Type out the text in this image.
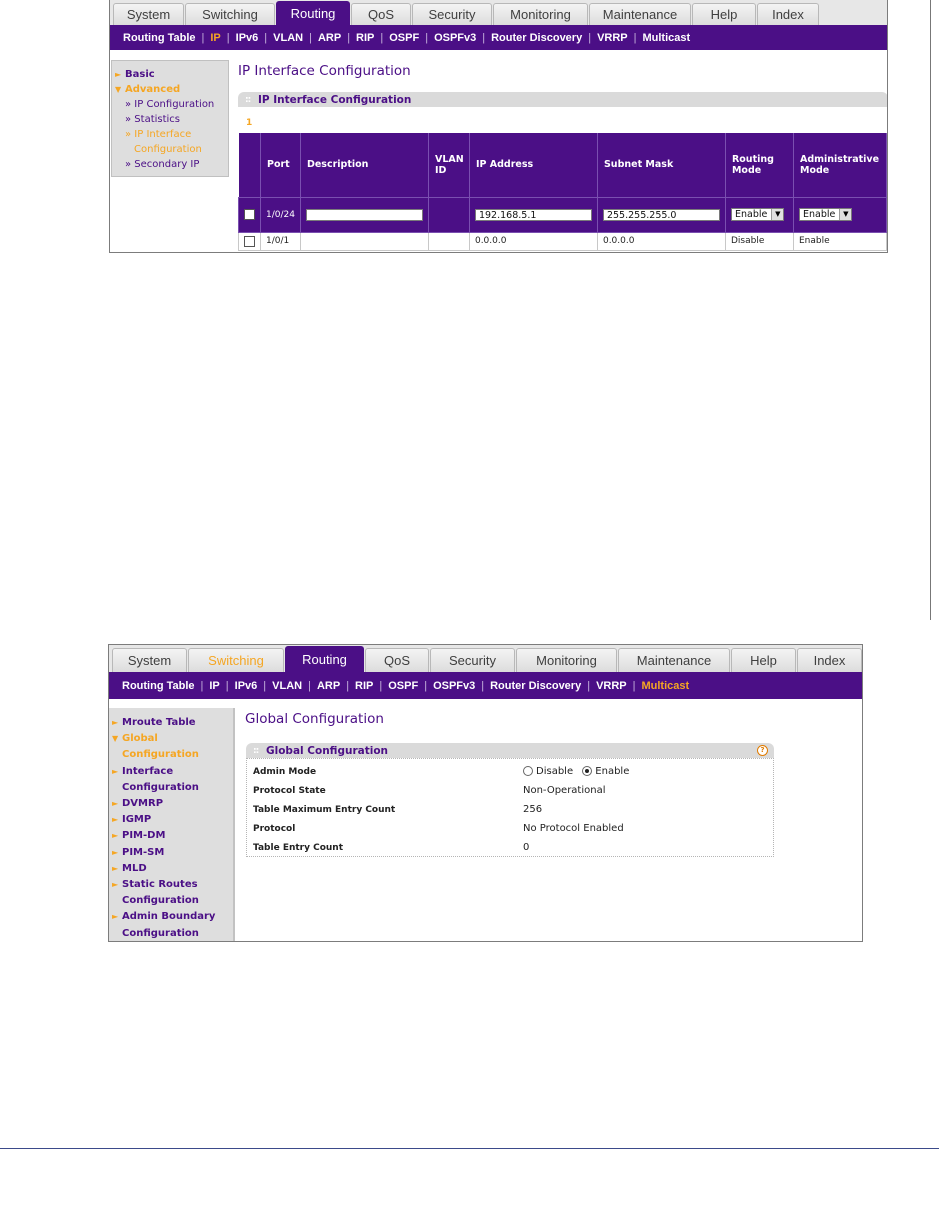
System	Switching	Routing	QoS	Security	Monitoring	Maintenance	Help	Index
Routing Table | IP | IPv6 | VLAN | ARP | RIP | OSPF | OSPFv3 | Router Discovery | VRRP | Multicast
► Basic
▼ Advanced
» IP Configuration
» Statistics
» IP Interface
Configuration
» Secondary IP
IP Interface Configuration
:: IP Interface Configuration
1
	Port	Description	VLAN ID	IP Address	Subnet Mask	Routing Mode	Administrative Mode
	1/0/24			192.168.5.1	255.255.255.0	Enable ▼	Enable ▼

	1/0/1			0.0.0.0	0.0.0.0	Disable	Enable
System	Switching	Routing	QoS	Security	Monitoring	Maintenance	Help	Index
Routing Table | IP | IPv6 | VLAN | ARP | RIP | OSPF | OSPFv3 | Router Discovery | VRRP | Multicast
► Mroute Table
▼ Global
Configuration
► Interface
Configuration
► DVMRP
► IGMP
► PIM-DM
► PIM-SM
► MLD
► Static Routes
Configuration
► Admin Boundary
Configuration
Global Configuration
:: Global Configuration	?
Admin Mode	Disable Enable
Protocol State	Non-Operational
Table Maximum Entry Count	256
Protocol	No Protocol Enabled
Table Entry Count	0
